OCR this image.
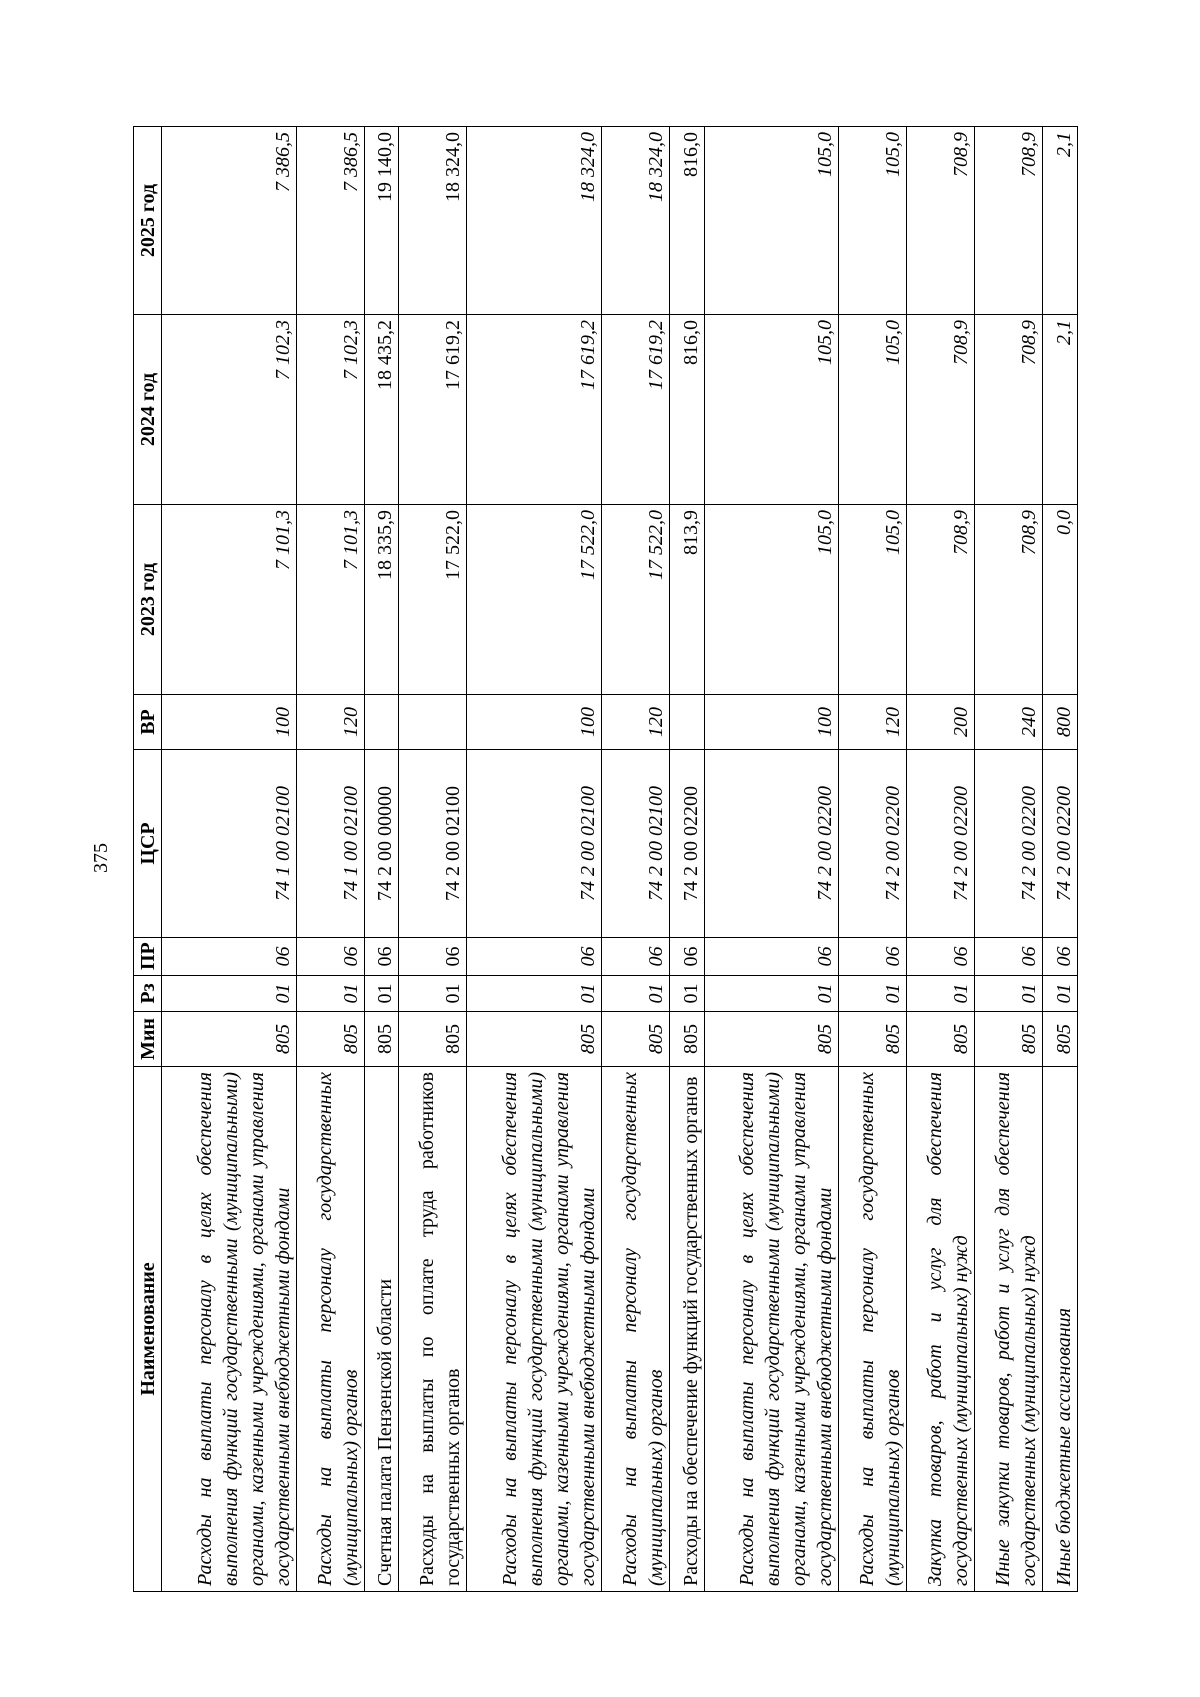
375
Наименование	Мин	Рз	ПР	ЦСР	ВР	2023 год	2024 год	2025 год
Расходы на выплаты персоналу в целях обеспечения выполнения функций государственными (муниципальными) органами, казенными учреждениями, органами управления государственными внебюджетными фондами	805	01	06	74 1 00 02100	100	7 101,3	7 102,3	7 386,5
Расходы на выплаты персоналу государственных (муниципальных) органов	805	01	06	74 1 00 02100	120	7 101,3	7 102,3	7 386,5
Счетная палата Пензенской области	805	01	06	74 2 00 00000		18 335,9	18 435,2	19 140,0
Расходы на выплаты по оплате труда работников государственных органов	805	01	06	74 2 00 02100		17 522,0	17 619,2	18 324,0
Расходы на выплаты персоналу в целях обеспечения выполнения функций государственными (муниципальными) органами, казенными учреждениями, органами управления государственными внебюджетными фондами	805	01	06	74 2 00 02100	100	17 522,0	17 619,2	18 324,0
Расходы на выплаты персоналу государственных (муниципальных) органов	805	01	06	74 2 00 02100	120	17 522,0	17 619,2	18 324,0
Расходы на обеспечение функций государственных органов	805	01	06	74 2 00 02200		813,9	816,0	816,0
Расходы на выплаты персоналу в целях обеспечения выполнения функций государственными (муниципальными) органами, казенными учреждениями, органами управления государственными внебюджетными фондами	805	01	06	74 2 00 02200	100	105,0	105,0	105,0
Расходы на выплаты персоналу государственных (муниципальных) органов	805	01	06	74 2 00 02200	120	105,0	105,0	105,0
Закупка товаров, работ и услуг для обеспечения государственных (муниципальных) нужд	805	01	06	74 2 00 02200	200	708,9	708,9	708,9
Иные закупки товаров, работ и услуг для обеспечения государственных (муниципальных) нужд	805	01	06	74 2 00 02200	240	708,9	708,9	708,9
Иные бюджетные ассигнования	805	01	06	74 2 00 02200	800	0,0	2,1	2,1
